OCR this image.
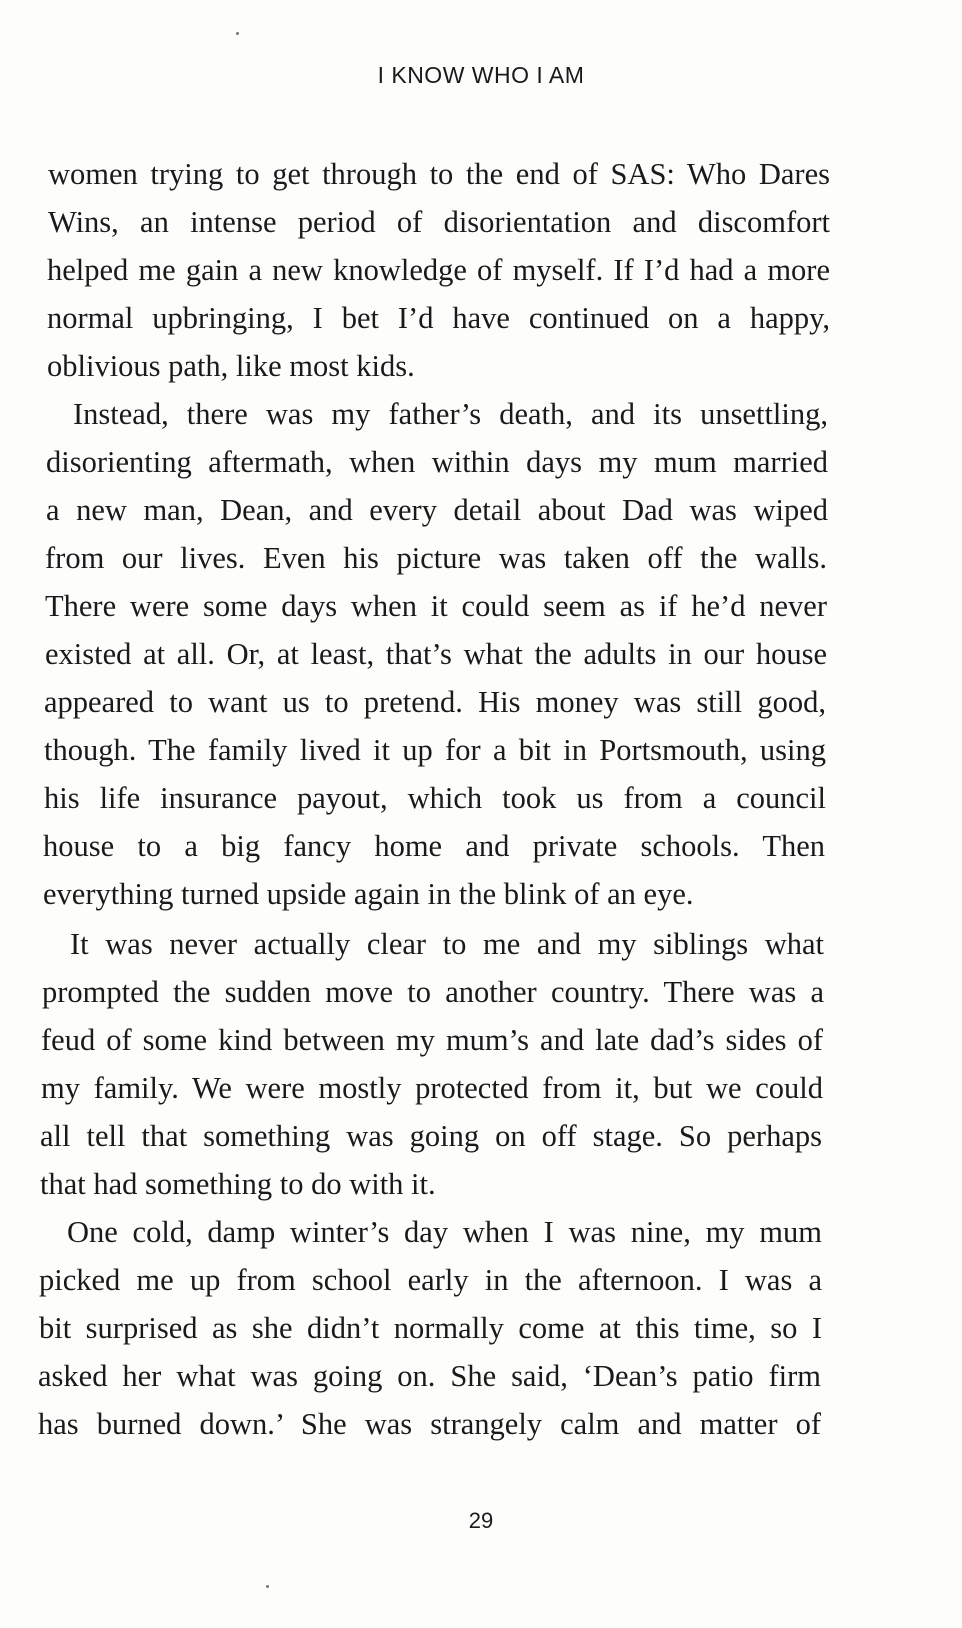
I KNOW WHO I AM
women trying to get through to the end of SAS: Who Dares
Wins, an intense period of disorientation and discomfort
helped me gain a new knowledge of myself. If I’d had a more
normal upbringing, I bet I’d have continued on a happy,
oblivious path, like most kids.
Instead, there was my father’s death, and its unsettling,
disorienting aftermath, when within days my mum married
a new man, Dean, and every detail about Dad was wiped
from our lives. Even his picture was taken off the walls.
There were some days when it could seem as if he’d never
existed at all. Or, at least, that’s what the adults in our house
appeared to want us to pretend. His money was still good,
though. The family lived it up for a bit in Portsmouth, using
his life insurance payout, which took us from a council
house to a big fancy home and private schools. Then
everything turned upside again in the blink of an eye.
It was never actually clear to me and my siblings what
prompted the sudden move to another country. There was a
feud of some kind between my mum’s and late dad’s sides of
my family. We were mostly protected from it, but we could
all tell that something was going on off stage. So perhaps
that had something to do with it.
One cold, damp winter’s day when I was nine, my mum
picked me up from school early in the afternoon. I was a
bit surprised as she didn’t normally come at this time, so I
asked her what was going on. She said, ‘Dean’s patio firm
has burned down.’ She was strangely calm and matter of
29
